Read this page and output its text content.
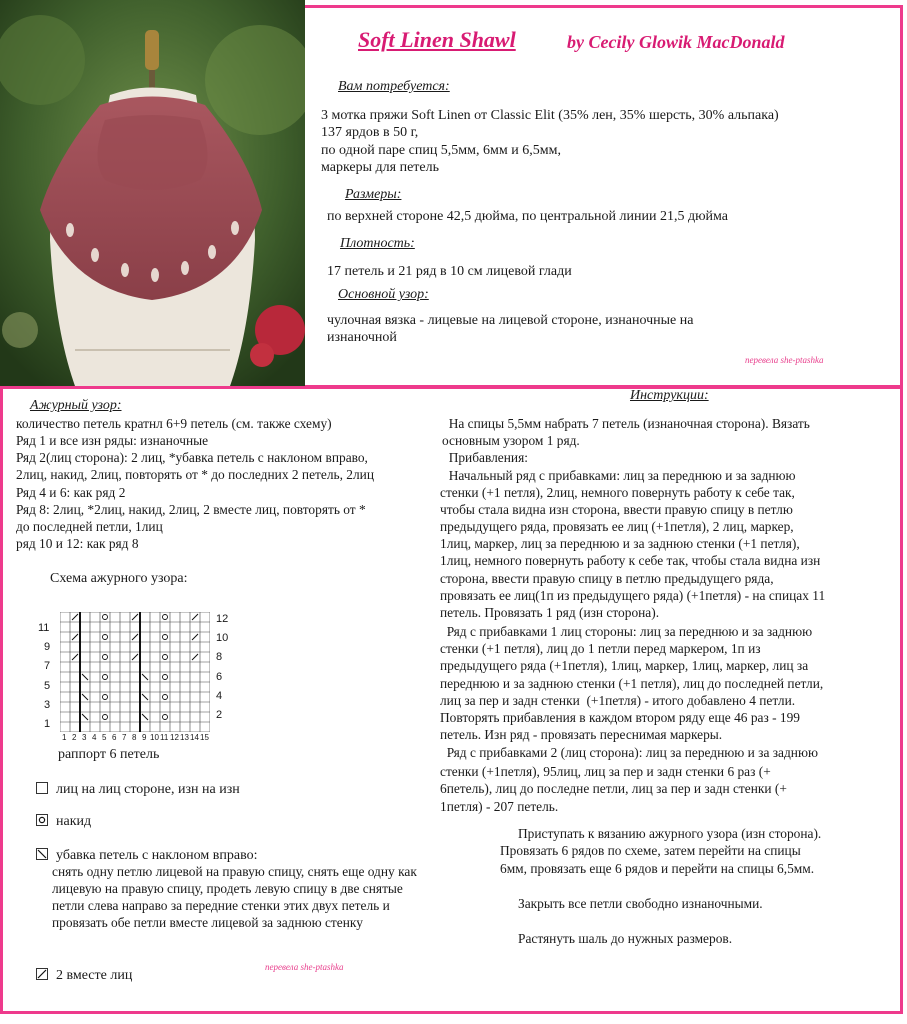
Soft Linen Shawl	by Cecily Glowik MacDonald
Вам потребуется:
3 мотка пряжи Soft Linen от Classic Elit (35% лен, 35% шерсть, 30% альпака)
137 ярдов в 50 г,
по одной паре спиц 5,5мм, 6мм и 6,5мм,
маркеры для петель
Размеры:
по верхней стороне 42,5 дюйма, по центральной линии 21,5 дюйма
Плотность:
17 петель и 21 ряд в 10 см лицевой глади
Основной узор:
чулочная вязка - лицевые на лицевой стороне, изнаночные на
изнаночной
перевела she-ptashka
Ажурный узор:
количество петель кратнл 6+9 петель (см. также схему)
Ряд 1 и все изн ряды: изнаночные
Ряд 2(лиц сторона): 2 лиц, *убавка петель с наклоном вправо,
2лиц, накид, 2лиц, повторять от * до последних 2 петель, 2лиц
Ряд 4 и 6: как ряд 2
Ряд 8: 2лиц, *2лиц, накид, 2лиц, 2 вместе лиц, повторять от *
до последней петли, 1лиц
ряд 10 и 12: как ряд 8
Схема ажурного узора:
11
9
7
5
3
1
12
10
8
6
4
2
1 2 3 4 5 6 7 8 9 10 11 12 13 14 15
раппорт 6 петель
лиц на лиц стороне, изн на изн
накид
убавка петель с наклоном вправо:
снять одну петлю лицевой на правую спицу, снять еще одну как
лицевую на правую спицу, продеть левую спицу в две снятые
петли слева направо за передние стенки этих двух петель и
провязать обе петли вместе лицевой за заднюю стенку
перевела she-ptashka
2 вместе лиц
Инструкции:
На спицы 5,5мм набрать 7 петель (изнаночная сторона). Вязать
основным узором 1 ряд.
Прибавления:
Начальный ряд с прибавками: лиц за переднюю и за заднюю
стенки (+1 петля), 2лиц, немного повернуть работу к себе так,
чтобы стала видна изн сторона, ввести правую спицу в петлю
предыдущего ряда, провязать ее лиц (+1петля), 2 лиц, маркер,
1лиц, маркер, лиц за переднюю и за заднюю стенки (+1 петля),
1лиц, немного повернуть работу к себе так, чтобы стала видна изн
сторона, ввести правую спицу в петлю предыдущего ряда,
провязать ее лиц(1п из предыдущего ряда) (+1петля) - на спицах 11
петель. Провязать 1 ряд (изн сторона).
Ряд с прибавками 1 лиц стороны: лиц за переднюю и за заднюю
стенки (+1 петля), лиц до 1 петли перед маркером, 1п из
предыдущего ряда (+1петля), 1лиц, маркер, 1лиц, маркер, лиц за
переднюю и за заднюю стенки (+1 петля), лиц до последней петли,
лиц за пер и задн стенки  (+1петля) - итого добавлено 4 петли.
Повторять прибавления в каждом втором ряду еще 46 раз - 199
петель. Изн ряд - провязать переснимая маркеры.
Ряд с прибавками 2 (лиц сторона): лиц за переднюю и за заднюю
стенки (+1петля), 95лиц, лиц за пер и задн стенки 6 раз (+
6петель), лиц до последне петли, лиц за пер и задн стенки (+
1петля) - 207 петель.
Приступать к вязанию ажурного узора (изн сторона).
Провязать 6 рядов по схеме, затем перейти на спицы
6мм, провязать еще 6 рядов и перейти на спицы 6,5мм.
Закрыть все петли свободно изнаночными.
Растянуть шаль до нужных размеров.
